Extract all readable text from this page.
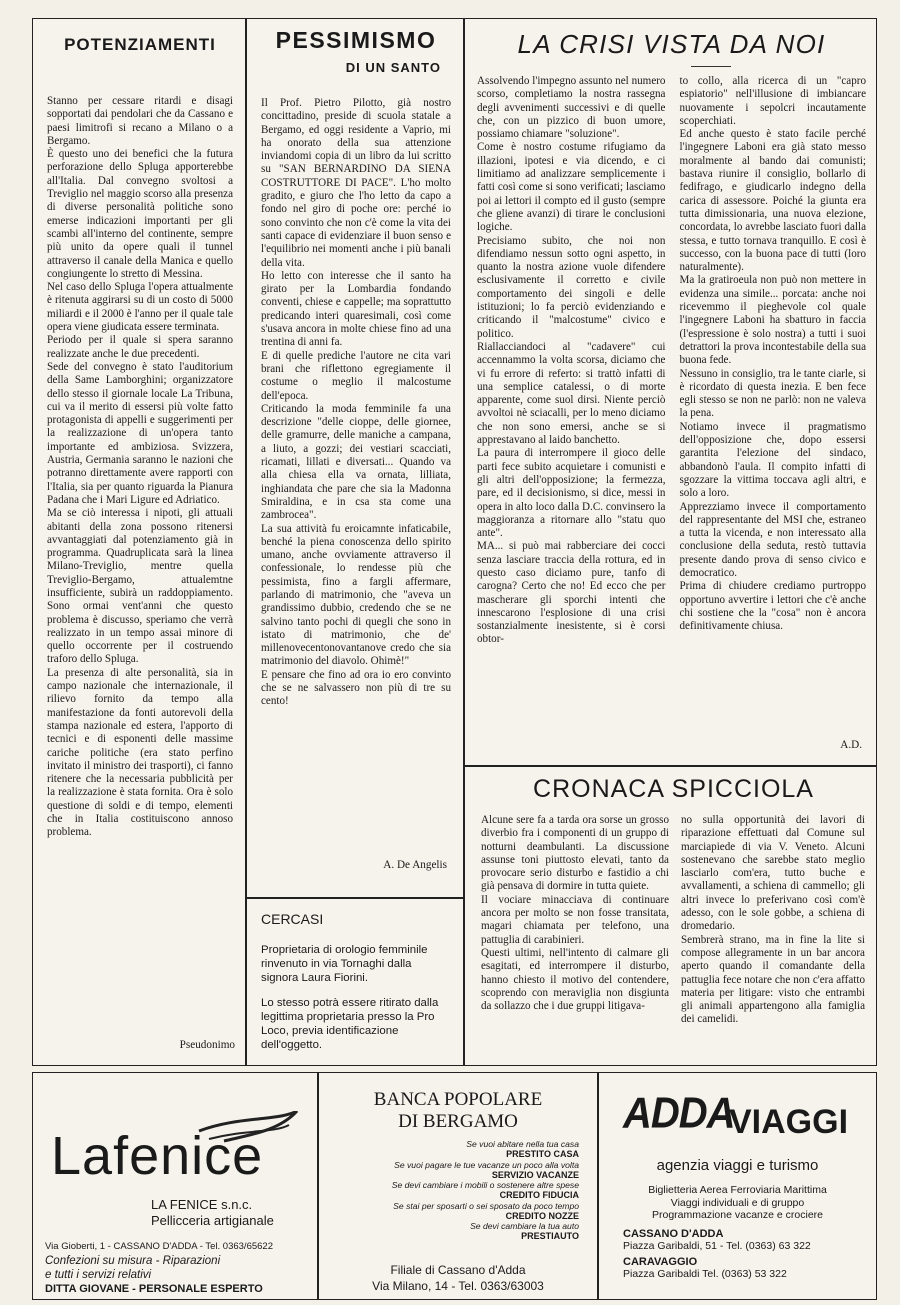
POTENZIAMENTI

Stanno per cessare ritardi e disagi sopportati dai pendolari che da Cassano e paesi limitrofi si recano a Milano o a Bergamo.

È questo uno dei benefici che la futura perforazione dello Spluga apporterebbe all'Italia. Dal convegno svoltosi a Treviglio nel maggio scorso alla presenza di diverse personalità politiche sono emerse indicazioni importanti per gli scambi all'interno del continente, sempre più unito da opere quali il tunnel attraverso il canale della Manica e quello congiungente lo stretto di Messina.

Nel caso dello Spluga l'opera attualmente è ritenuta aggirarsi su di un costo di 5000 miliardi e il 2000 è l'anno per il quale tale opera viene giudicata essere terminata.

Periodo per il quale si spera saranno realizzate anche le due precedenti.

Sede del convegno è stato l'auditorium della Same Lamborghini; organizzatore dello stesso il giornale locale La Tribuna, cui va il merito di essersi più volte fatto protagonista di appelli e suggerimenti per la realizzazione di un'opera tanto importante ed ambiziosa. Svizzera, Austria, Germania saranno le nazioni che potranno direttamente avere rapporti con l'Italia, sia per quanto riguarda la Pianura Padana che i Mari Ligure ed Adriatico.

Ma se ciò interessa i nipoti, gli attuali abitanti della zona possono ritenersi avvantaggiati dal potenziamento già in programma. Quadruplicata sarà la linea Milano-Treviglio, mentre quella Treviglio-Bergamo, attualemtne insufficiente, subirà un raddoppiamento. Sono ormai vent'anni che questo problema è discusso, speriamo che verrà realizzato in un tempo assai minore di quello occorrente per il costruendo traforo dello Spluga.

La presenza di alte personalità, sia in campo nazionale che internazionale, il rilievo fornito da tempo alla manifestazione da fonti autorevoli della stampa nazionale ed estera, l'apporto di tecnici e di esponenti delle massime cariche politiche (era stato perfino invitato il ministro dei trasporti), ci fanno ritenere che la necessaria pubblicità per la realizzazione è stata fornita. Ora è solo questione di soldi e di tempo, elementi che in Italia costituiscono annoso problema.

Pseudonimo
PESSIMISMO
DI UN SANTO

Il Prof. Pietro Pilotto, già nostro concittadino, preside di scuola statale a Bergamo, ed oggi residente a Vaprio, mi ha onorato della sua attenzione inviandomi copia di un libro da lui scritto su "SAN BERNARDINO DA SIENA COSTRUTTORE DI PACE". L'ho molto gradito, e giuro che l'ho letto da capo a fondo nel giro di poche ore: perché io sono convinto che non c'è come la vita dei santi capace di evidenziare il buon senso e l'equilibrio nei momenti anche i più banali della vita.

Ho letto con interesse che il santo ha girato per la Lombardia fondando conventi, chiese e cappelle; ma soprattutto predicando interi quaresimali, così come s'usava ancora in molte chiese fino ad una trentina di anni fa.

E di quelle prediche l'autore ne cita vari brani che riflettono egregiamente il costume o meglio il malcostume dell'epoca.

Criticando la moda femminile fa una descrizione "delle cioppe, delle giornee, delle gramurre, delle maniche a campana, a liuto, a gozzi; dei vestiari scacciati, ricamati, lillati e diversati... Quando va alla chiesa ella va ornata, lilliata, inghiandata che pare che sia la Madonna Smiraldina, e in csa sta come una zambrocea".

La sua attività fu eroicamnte infaticabile, benché la piena conoscenza dello spirito umano, anche ovviamente attraverso il confessionale, lo rendesse più che pessimista, fino a fargli affermare, parlando di matrimonio, che "aveva un grandissimo dubbio, credendo che se ne salvino tanto pochi di quegli che sono in istato di matrimonio, che de' millenovecentonovantanove credo che sia matrimonio del diavolo. Ohimè!"

E pensare che fino ad ora io ero convinto che se ne salvassero non più di tre su cento!

A. De Angelis
CERCASI

Proprietaria di orologio femminile rinvenuto in via Tornaghi dalla signora Laura Fiorini.

Lo stesso potrà essere ritirato dalla legittima proprietaria presso la Pro Loco, previa identificazione dell'oggetto.

LA CRISI VISTA DA NOI

Assolvendo l'impegno assunto nel numero scorso, completiamo la nostra rassegna degli avvenimenti successivi e di quelle che, con un pizzico di buon umore, possiamo chiamare "soluzione".

Come è nostro costume rifugiamo da illazioni, ipotesi e via dicendo, e ci limitiamo ad analizzare semplicemente i fatti così come si sono verificati; lasciamo poi ai lettori il compto ed il gusto (sempre che gliene avanzi) di tirare le conclusioni logiche.

Precisiamo subito, che noi non difendiamo nessun sotto ogni aspetto, in quanto la nostra azione vuole difendere esclusivamente il corretto e civile comportamento dei singoli e delle istituzioni; lo fa perciò evidenziando e criticando il "malcostume" civico e politico.

Riallacciandoci al "cadavere" cui accennammo la volta scorsa, diciamo che vi fu errore di referto: si trattò infatti di una semplice catalessi, o di morte apparente, come suol dirsi. Niente perciò avvoltoi nè sciacalli, per lo meno diciamo che non sono emersi, anche se si apprestavano al laido banchetto.

La paura di interrompere il gioco delle parti fece subito acquietare i comunisti e gli altri dell'opposizione; la fermezza, pare, ed il decisionismo, si dice, messi in opera in alto loco dalla D.C. convinsero la maggioranza a ritornare allo "statu quo ante".

MA... si può mai rabberciare dei cocci senza lasciare traccia della rottura, ed in questo caso diciamo pure, tanfo di carogna? Certo che no! Ed ecco che per mascherare gli sporchi intenti che innescarono l'esplosione di una crisi sostanzialmente inesistente, si è corsi obtor-

to collo, alla ricerca di un "capro espiatorio" nell'illusione di imbiancare nuovamente i sepolcri incautamente scoperchiati.

Ed anche questo è stato facile perché l'ingegnere Laboni era già stato messo moralmente al bando dai comunisti; bastava riunire il consiglio, bollarlo di fedifrago, e giudicarlo indegno della carica di assessore. Poiché la giunta era tutta dimissionaria, una nuova elezione, concordata, lo avrebbe lasciato fuori dalla stessa, e tutto tornava tranquillo. E così è successo, con la buona pace di tutti (loro naturalmente).

Ma la gratiroeula non può non mettere in evidenza una simile... porcata: anche noi ricevemmo il pieghevole col quale l'ingegnere Laboni ha sbatturo in faccia (l'espressione è solo nostra) a tutti i suoi detrattori la prova incontestabile della sua buona fede.

Nessuno in consiglio, tra le tante ciarle, si è ricordato di questa inezia. E ben fece egli stesso se non ne parlò: non ne valeva la pena.

Notiamo invece il pragmatismo dell'opposizione che, dopo essersi garantita l'elezione del sindaco, abbandonò l'aula. Il compito infatti di sgozzare la vittima toccava agli altri, e solo a loro.

Apprezziamo invece il comportamento del rappresentante del MSI che, estraneo a tutta la vicenda, e non interessato alla conclusione della seduta, restò tuttavia presente dando prova di senso civico e democratico.

Prima di chiudere crediamo purtroppo opportuno avvertire i lettori che c'è anche chi sostiene che la "cosa" non è ancora definitivamente chiusa.

A.D.
CRONACA SPICCIOLA

Alcune sere fa a tarda ora sorse un grosso diverbio fra i componenti di un gruppo di notturni deambulanti. La discussione assunse toni piuttosto elevati, tanto da provocare serio disturbo e fastidio a chi già pensava di dormire in tutta quiete.

Il vociare minacciava di continuare ancora per molto se non fosse transitata, magari chiamata per telefono, una pattuglia di carabinieri.

Questi ultimi, nell'intento di calmare gli esagitati, ed interrompere il disturbo, hanno chiesto il motivo del contendere, scoprendo con meraviglia non disgiunta da sollazzo che i due gruppi litigava-

no sulla opportunità dei lavori di riparazione effettuati dal Comune sul marciapiede di via V. Veneto. Alcuni sostenevano che sarebbe stato meglio lasciarlo com'era, tutto buche e avvallamenti, a schiena di cammello; gli altri invece lo preferivano così com'è adesso, con le sole gobbe, a schiena di dromedario.

Sembrerà strano, ma in fine la lite si compose allegramente in un bar ancora aperto quando il comandante della pattuglia fece notare che non c'era affatto materia per litigare: visto che entrambi gli animali appartengono alla famiglia dei camelidi.

Lafenice
LA FENICE s.n.c.
Pellicceria artigianale
Via Gioberti, 1 - CASSANO D'ADDA - Tel. 0363/65622
Confezioni su misura - Riparazioni
e tutti i servizi relativi
DITTA GIOVANE - PERSONALE ESPERTO
BANCA POPOLARE
DI BERGAMO
Se vuoi abitare nella tua casa
PRESTITO CASA
Se vuoi pagare le tue vacanze un poco alla volta
SERVIZIO VACANZE
Se devi cambiare i mobili o sostenere altre spese
CREDITO FIDUCIA
Se stai per sposarti o sei sposato da poco tempo
CREDITO NOZZE
Se devi cambiare la tua auto
PRESTIAUTO
Filiale di Cassano d'Adda
Via Milano, 14 - Tel. 0363/63003
ADDA
VIAGGI
agenzia viaggi e turismo
Biglietteria Aerea Ferroviaria Marittima
Viaggi individuali e di gruppo
Programmazione vacanze e crociere
CASSANO D'ADDA
Piazza Garibaldi, 51 - Tel. (0363) 63 322
CARAVAGGIO
Piazza Garibaldi Tel. (0363) 53 322
